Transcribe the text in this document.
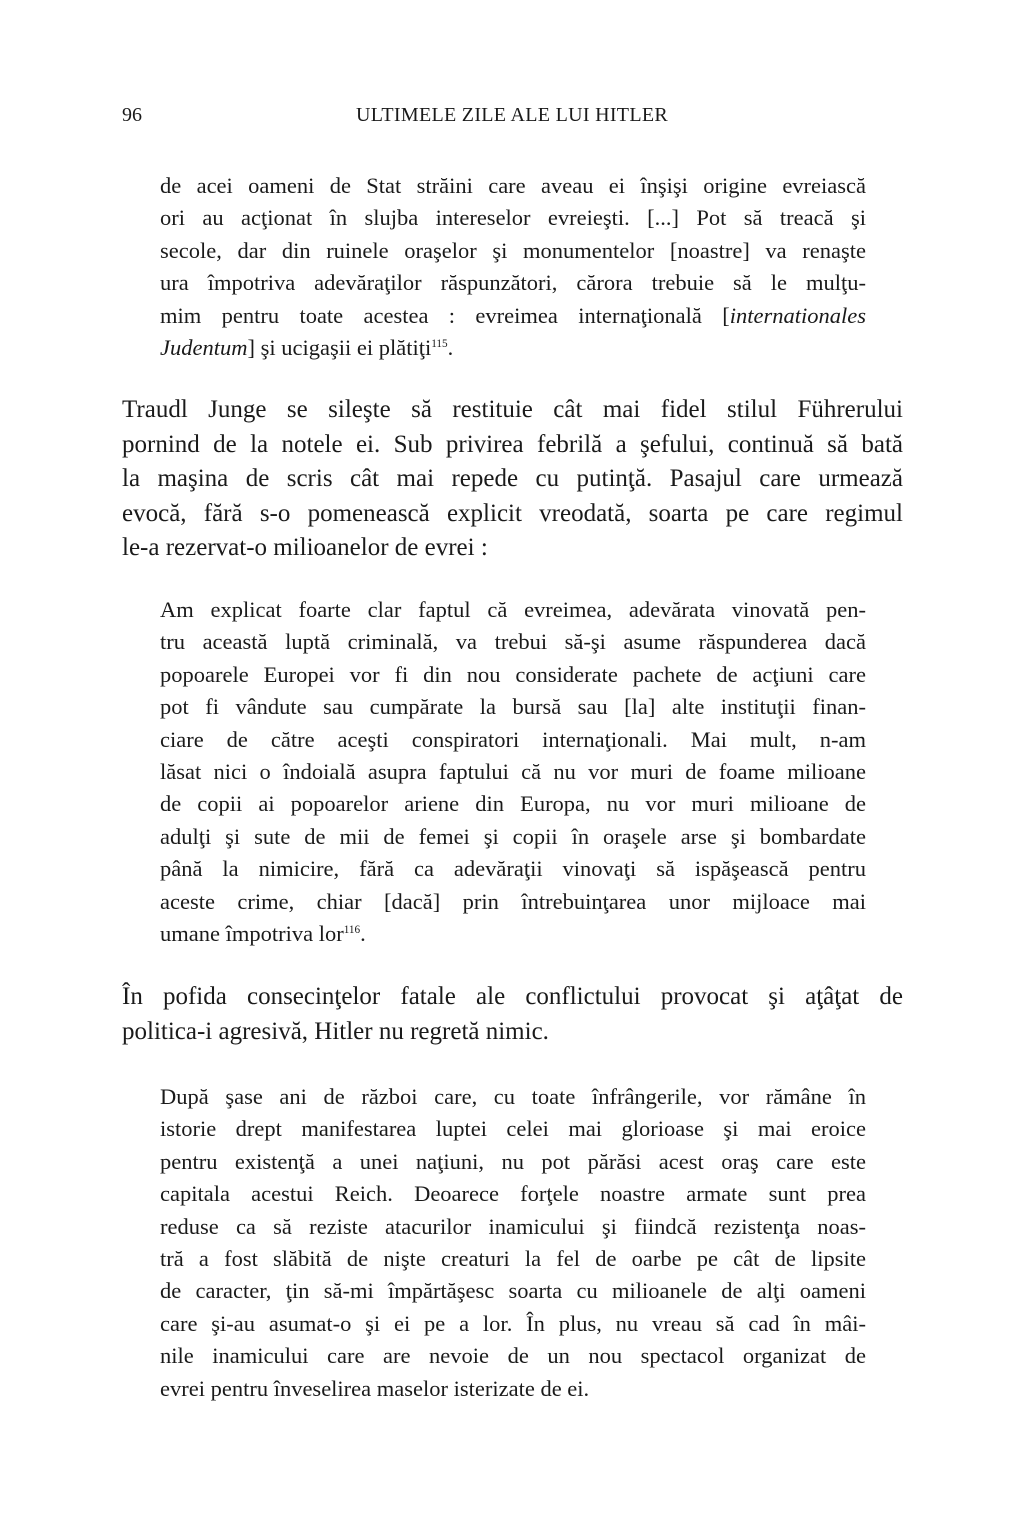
96	ULTIMELE ZILE ALE LUI HITLER
de acei oameni de Stat străini care aveau ei înşişi origine evreiască
ori au acţionat în slujba intereselor evreieşti. [...] Pot să treacă şi
secole, dar din ruinele oraşelor şi monumentelor [noastre] va renaşte
ura împotriva adevăraţilor răspunzători, cărora trebuie să le mulţu-
mim pentru toate acestea : evreimea internaţională [internationales
Judentum] şi ucigaşii ei plătiţi$^{115}$.
Traudl Junge se sileşte să restituie cât mai fidel stilul Führerului
pornind de la notele ei. Sub privirea febrilă a şefului, continuă să bată
la maşina de scris cât mai repede cu putinţă. Pasajul care urmează
evocă, fără s-o pomenească explicit vreodată, soarta pe care regimul
le-a rezervat-o milioanelor de evrei :
Am explicat foarte clar faptul că evreimea, adevărata vinovată pen-
tru această luptă criminală, va trebui să-şi asume răspunderea dacă
popoarele Europei vor fi din nou considerate pachete de acţiuni care
pot fi vândute sau cumpărate la bursă sau [la] alte instituţii finan-
ciare de către aceşti conspiratori internaţionali. Mai mult, n-am
lăsat nici o îndoială asupra faptului că nu vor muri de foame milioane
de copii ai popoarelor ariene din Europa, nu vor muri milioane de
adulţi şi sute de mii de femei şi copii în oraşele arse şi bombardate
până la nimicire, fără ca adevăraţii vinovaţi să ispăşească pentru
aceste crime, chiar [dacă] prin întrebuinţarea unor mijloace mai
umane împotriva lor$^{116}$.
În pofida consecinţelor fatale ale conflictului provocat şi aţâţat de
politica-i agresivă, Hitler nu regretă nimic.
După şase ani de război care, cu toate înfrângerile, vor rămâne în
istorie drept manifestarea luptei celei mai glorioase şi mai eroice
pentru existenţă a unei naţiuni, nu pot părăsi acest oraş care este
capitala acestui Reich. Deoarece forţele noastre armate sunt prea
reduse ca să reziste atacurilor inamicului şi fiindcă rezistenţa noas-
tră a fost slăbită de nişte creaturi la fel de oarbe pe cât de lipsite
de caracter, ţin să-mi împărtăşesc soarta cu milioanele de alţi oameni
care şi-au asumat-o şi ei pe a lor. În plus, nu vreau să cad în mâi-
nile inamicului care are nevoie de un nou spectacol organizat de
evrei pentru înveselirea maselor isterizate de ei.
